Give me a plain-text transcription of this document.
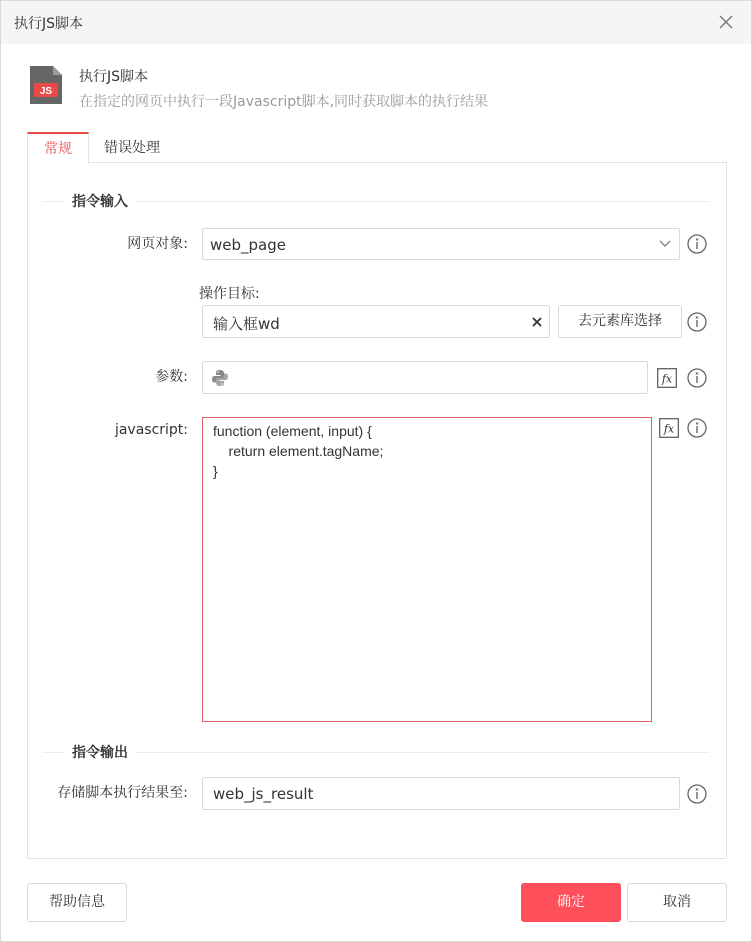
执行JS脚本
JS
执行JS脚本
在指定的网页中执行一段Javascript脚本,同时获取脚本的执行结果
常规	错误处理
指令输入
网页对象: web_page
操作目标:
输入框wd	去元素库选择
参数:	fx
javascript:	function (element, input) {
return element.tagName;
}
fx
指令输出
存储脚本执行结果至: web_js_result
帮助信息	确定	取消
